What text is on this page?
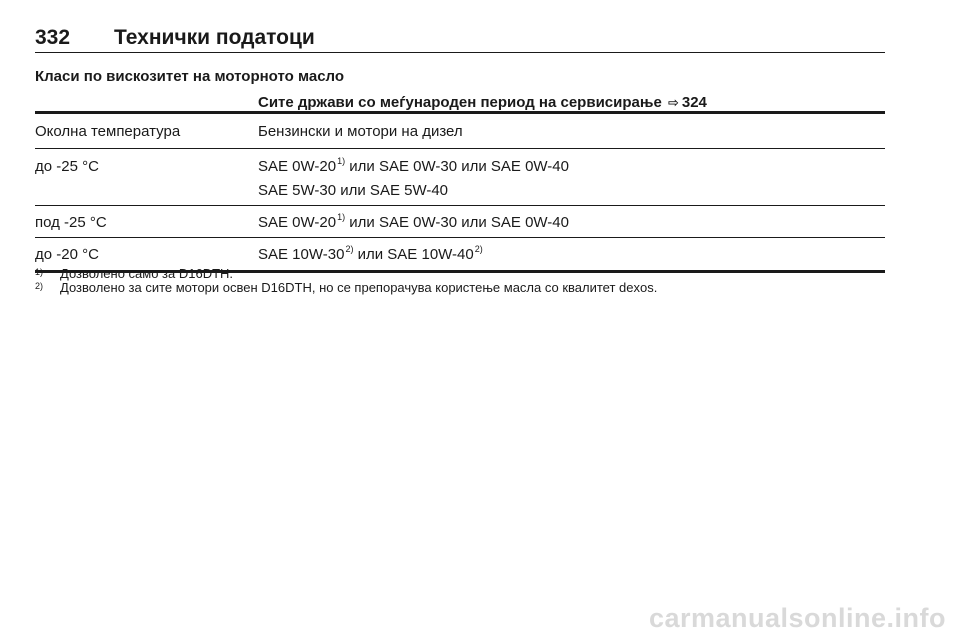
332	Технички податоци
Класи по вискозитет на моторното масло
Сите држави со меѓународен период на сервисирање ⇨ 324
Околна температура	Бензински и мотори на дизел
до -25 °C	SAE 0W-20$^{1)}$ или SAE 0W-30 или SAE 0W-40
SAE 5W-30 или SAE 5W-40
под -25 °C	SAE 0W-20$^{1)}$ или SAE 0W-30 или SAE 0W-40
до -20 °C	SAE 10W-30$^{2)}$ или SAE 10W-40$^{2)}$
1)	Дозволено само за D16DTH.
2)	Дозволено за сите мотори освен D16DTH, но се препорачува користење масла со квалитет dexos.
carmanualsonline.info
